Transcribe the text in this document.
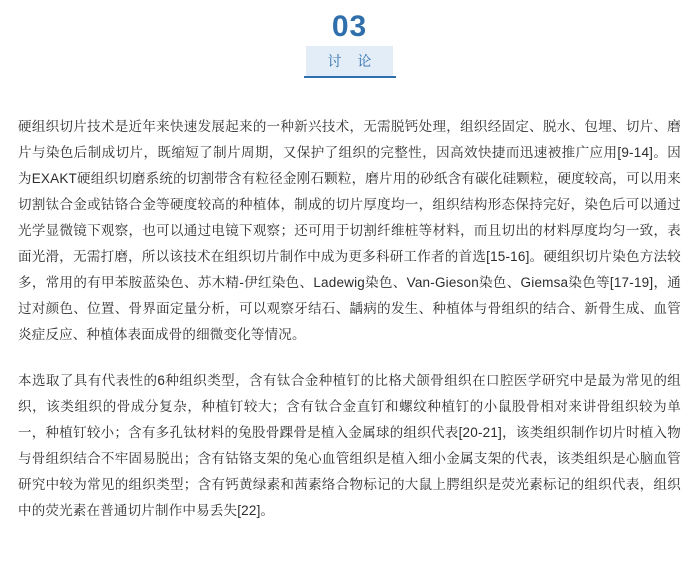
03
讨 论

硬组织切片技术是近年来快速发展起来的一种新兴技术，无需脱钙处理，组织经固定、脱水、包埋、切片、磨片与染色后制成切片，既缩短了制片周期，又保护了组织的完整性，因高效快捷而迅速被推广应用[9-14]。因为EXAKT硬组织切磨系统的切割带含有粒径金刚石颗粒，磨片用的砂纸含有碳化硅颗粒，硬度较高，可以用来切割钛合金或钴铬合金等硬度较高的种植体，制成的切片厚度均一，组织结构形态保持完好，染色后可以通过光学显微镜下观察，也可以通过电镜下观察；还可用于切割纤维桩等材料，而且切出的材料厚度均匀一致，表面光滑，无需打磨，所以该技术在组织切片制作中成为更多科研工作者的首选[15-16]。硬组织切片染色方法较多，常用的有甲苯胺蓝染色、苏木精-伊红染色、Ladewig染色、Van-Gieson染色、Giemsa染色等[17-19]，通过对颜色、位置、骨界面定量分析，可以观察牙结石、龋病的发生、种植体与骨组织的结合、新骨生成、血管炎症反应、种植体表面成骨的细微变化等情况。

本选取了具有代表性的6种组织类型，含有钛合金种植钉的比格犬颌骨组织在口腔医学研究中是最为常见的组织，该类组织的骨成分复杂，种植钉较大；含有钛合金直钉和螺纹种植钉的小鼠股骨相对来讲骨组织较为单一，种植钉较小；含有多孔钛材料的兔股骨踝骨是植入金属球的组织代表[20-21]，该类组织制作切片时植入物与骨组织结合不牢固易脱出；含有钴铬支架的兔心血管组织是植入细小金属支架的代表，该类组织是心脑血管研究中较为常见的组织类型；含有钙黄绿素和茜素络合物标记的大鼠上腭组织是荧光素标记的组织代表，组织中的荧光素在普通切片制作中易丢失[22]。
